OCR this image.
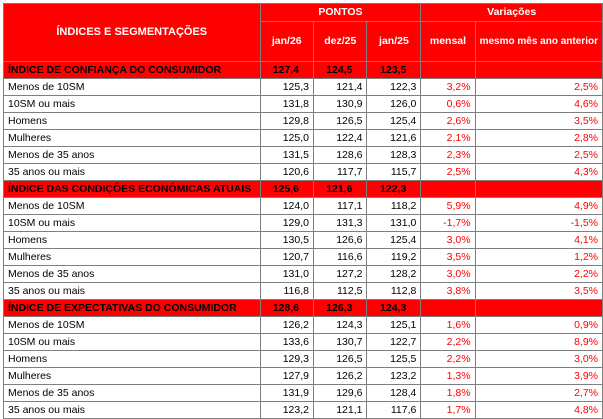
ÍNDICES E SEGMENTAÇÕES	PONTOS			Variações	
	jan/26	dez/25	jan/25	mensal	mesmo mês ano anterior
ÍNDICE DE CONFIANÇA DO CONSUMIDOR	127,4	124,5	123,5	2,4%	3,1%
Menos de 10SM	125,3	121,4	122,3	3,2%	2,5%
10SM ou mais	131,8	130,9	126,0	0,6%	4,6%
Homens	129,8	126,5	125,4	2,6%	3,5%
Mulheres	125,0	122,4	121,6	2,1%	2,8%
Menos de 35 anos	131,5	128,6	128,3	2,3%	2,5%
35 anos ou mais	120,6	117,7	115,7	2,5%	4,3%
ÍNDICE DAS CONDIÇÕES ECONÔMICAS ATUAIS	125,6	121,6	122,3	3,3%	2,7%
Menos de 10SM	124,0	117,1	118,2	5,9%	4,9%
10SM ou mais	129,0	131,3	131,0	-1,7%	-1,5%
Homens	130,5	126,6	125,4	3,0%	4,1%
Mulheres	120,7	116,6	119,2	3,5%	1,2%
Menos de 35 anos	131,0	127,2	128,2	3,0%	2,2%
35 anos ou mais	116,8	112,5	112,8	3,8%	3,5%
ÍNDICE DE EXPECTATIVAS DO CONSUMIDOR	128,6	126,3	124,3	1,8%	3,5%
Menos de 10SM	126,2	124,3	125,1	1,6%	0,9%
10SM ou mais	133,6	130,7	122,7	2,2%	8,9%
Homens	129,3	126,5	125,5	2,2%	3,0%
Mulheres	127,9	126,2	123,2	1,3%	3,9%
Menos de 35 anos	131,9	129,6	128,4	1,8%	2,7%
35 anos ou mais	123,2	121,1	117,6	1,7%	4,8%
